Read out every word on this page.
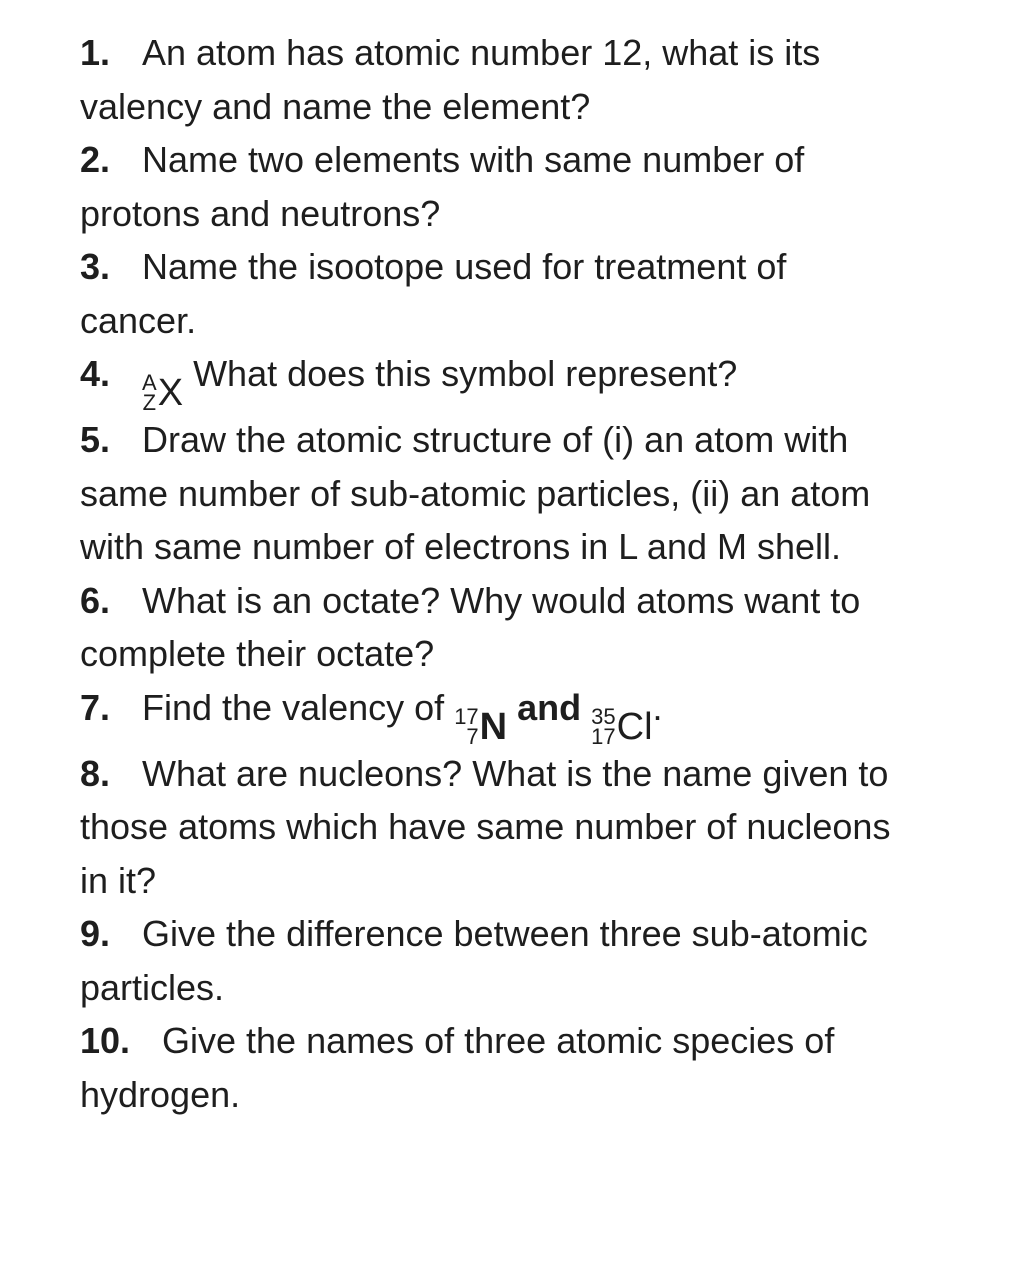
1. An atom has atomic number 12, what is its valency and name the element?
2. Name two elements with same number of protons and neutrons?
3. Name the isootope used for treatment of cancer.
4. A
Z X What does this symbol represent?
5. Draw the atomic structure of (i) an atom with same number of sub-atomic particles, (ii) an atom with same number of electrons in L and M shell.
6. What is an octate? Why would atoms want to complete their octate?
7. Find the valency of 17
7 N and 35
17 Cl .
8. What are nucleons? What is the name given to those atoms which have same number of nucleons in it?
9. Give the difference between three sub-atomic particles.
10. Give the names of three atomic species of hydrogen.
